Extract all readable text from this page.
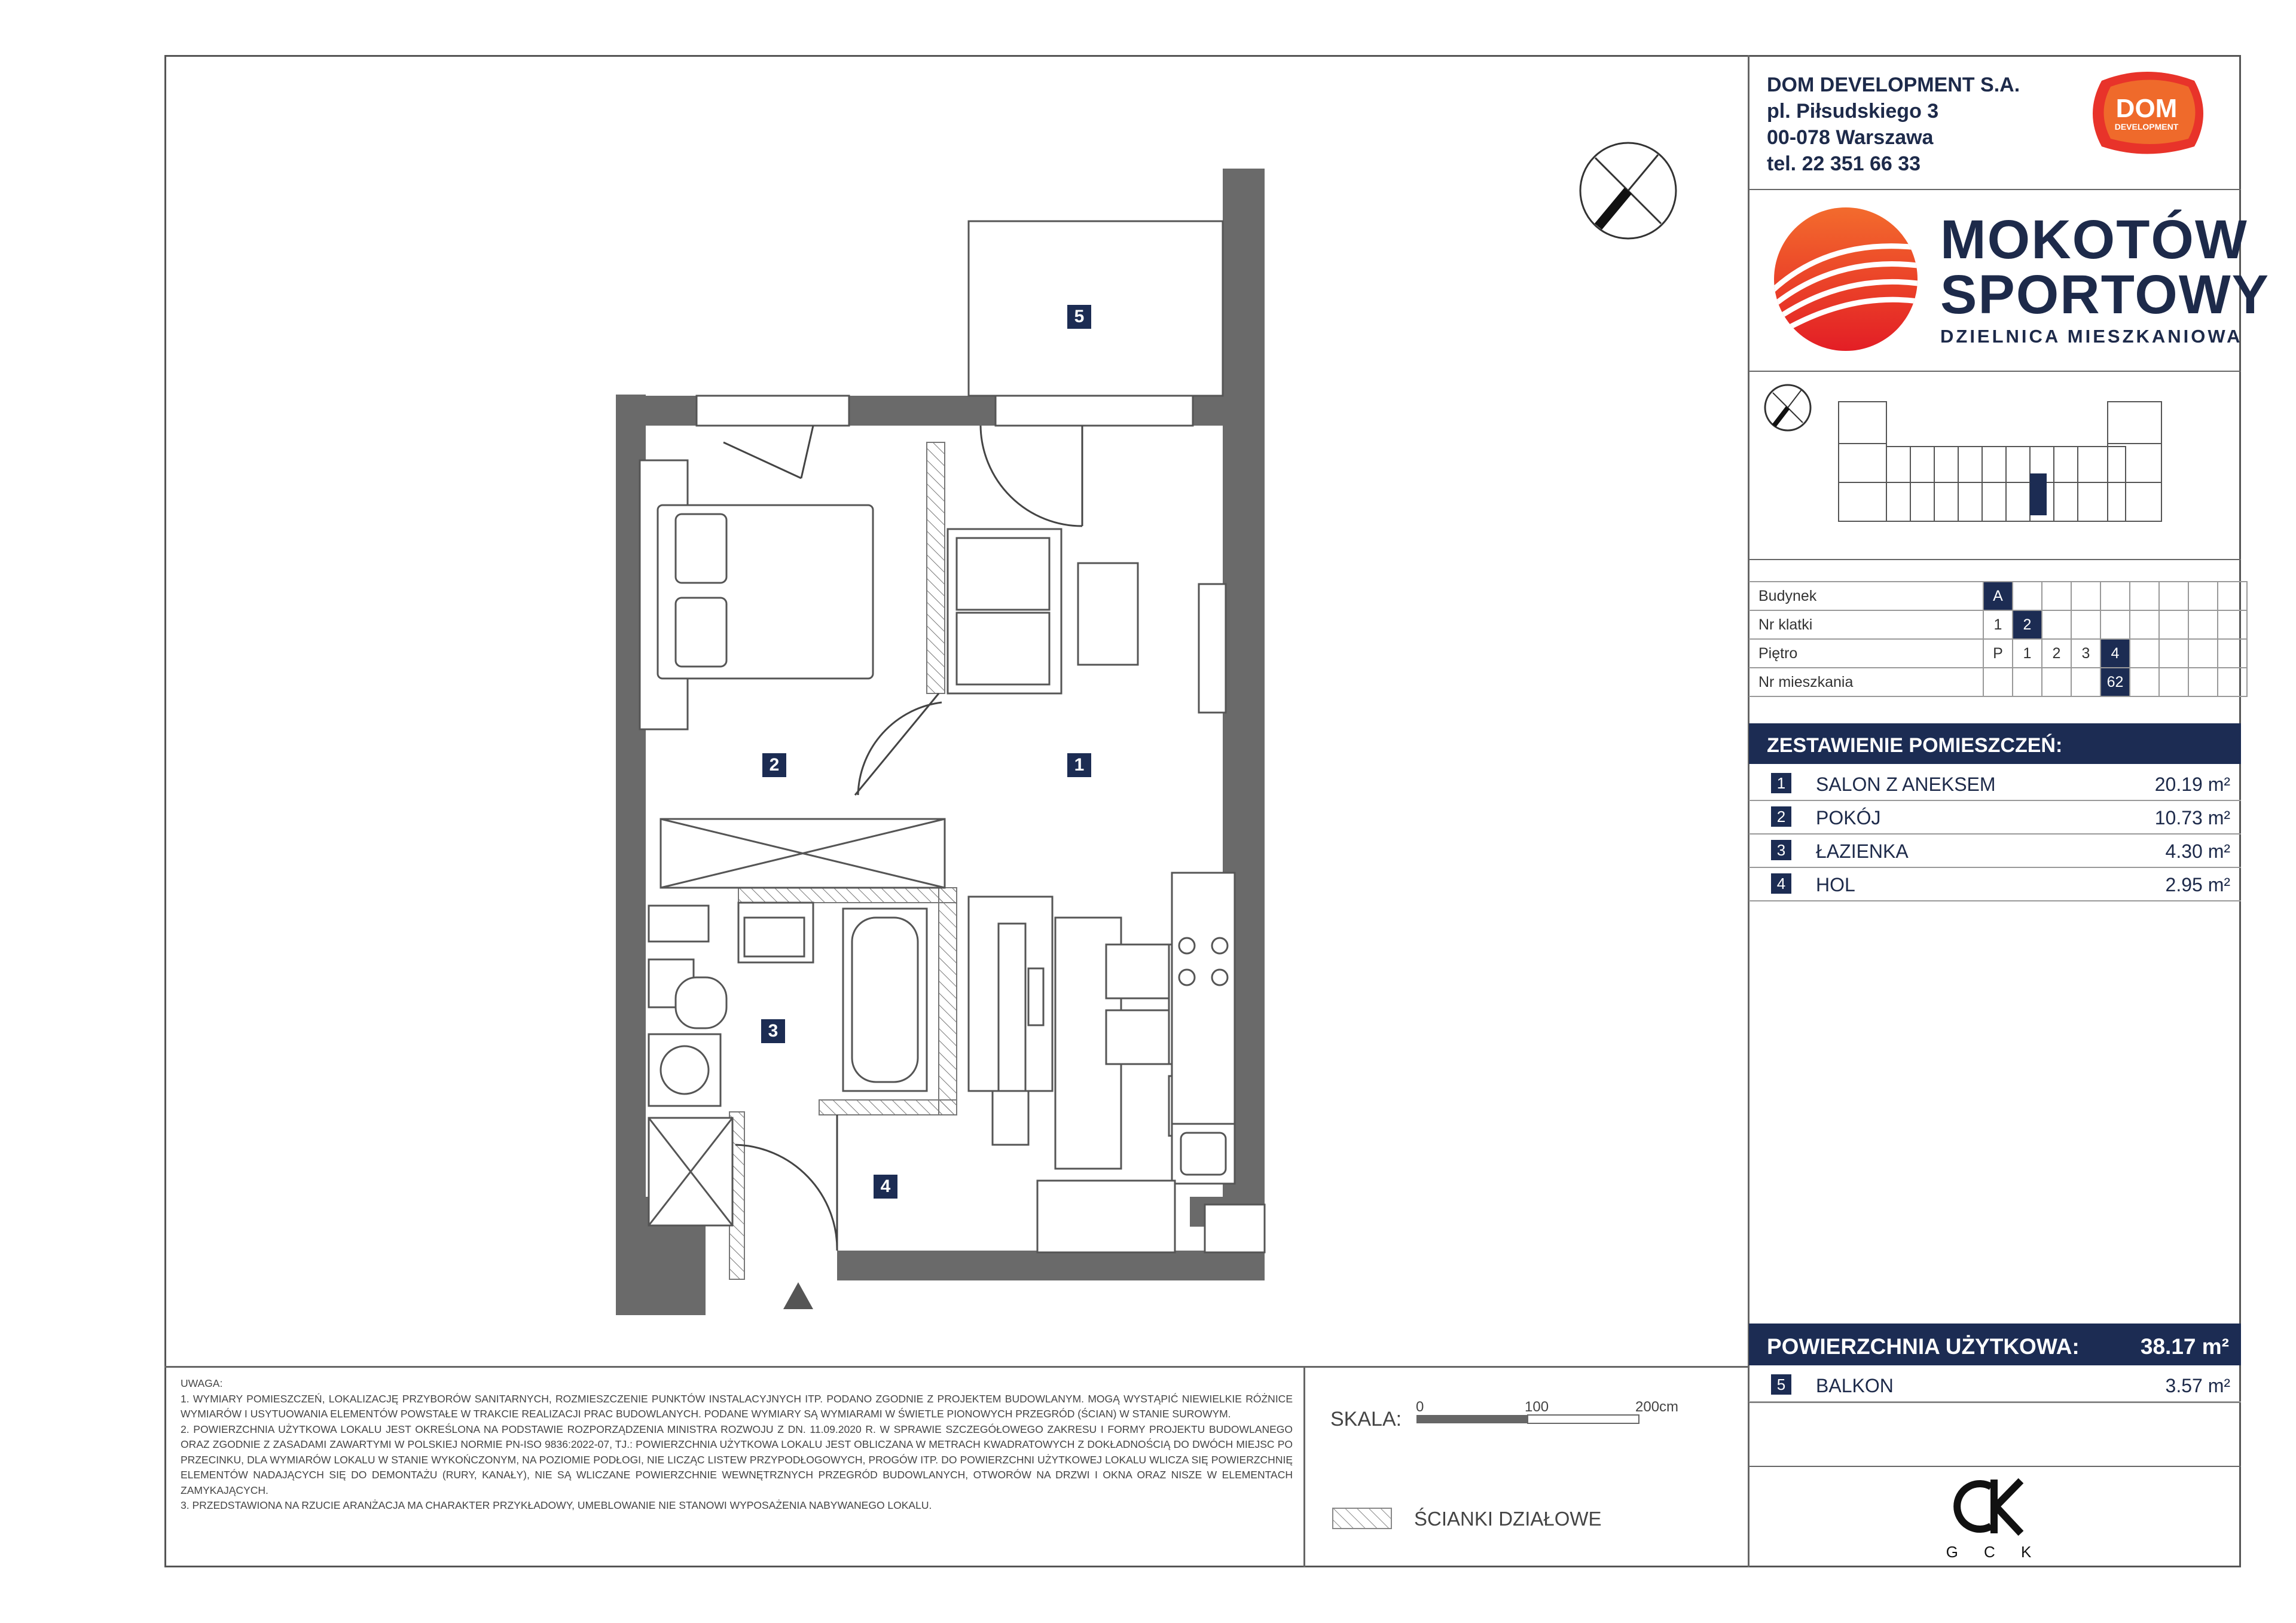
DOM DEVELOPMENT S.A.
pl. Piłsudskiego 3
00-078 Warszawa
tel. 22 351 66 33
DOM
DEVELOPMENT
MOKOTÓW
SPORTOWY
DZIELNICA MIESZKANIOWA
Budynek	A								
Nr klatki	1	2							
Piętro	P	1	2	3	4				
Nr mieszkania					62				
ZESTAWIENIE POMIESZCZEŃ:
1	SALON Z ANEKSEM	20.19 m²
2	POKÓJ	10.73 m²
3	ŁAZIENKA	4.30 m²
4	HOL	2.95 m²
POWIERZCHNIA UŻYTKOWA:	38.17 m²
5	BALKON	3.57 m²
G C K
UWAGA:
1. WYMIARY POMIESZCZEŃ, LOKALIZACJĘ PRZYBORÓW SANITARNYCH, ROZMIESZCZENIE PUNKTÓW INSTALACYJNYCH ITP. PODANO ZGODNIE Z PROJEKTEM BUDOWLANYM. MOGĄ WYSTĄPIĆ NIEWIELKIE RÓŻNICE WYMIARÓW I USYTUOWANIA ELEMENTÓW POWSTAŁE W TRAKCIE REALIZACJI PRAC BUDOWLANYCH. PODANE WYMIARY SĄ WYMIARAMI W ŚWIETLE PIONOWYCH PRZEGRÓD (ŚCIAN) W STANIE SUROWYM.
2. POWIERZCHNIA UŻYTKOWA LOKALU JEST OKREŚLONA NA PODSTAWIE ROZPORZĄDZENIA MINISTRA ROZWOJU Z DN. 11.09.2020 R. W SPRAWIE SZCZEGÓŁOWEGO ZAKRESU I FORMY PROJEKTU BUDOWLANEGO ORAZ ZGODNIE Z ZASADAMI ZAWARTYMI W POLSKIEJ NORMIE PN-ISO 9836:2022-07, TJ.: POWIERZCHNIA UŻYTKOWA LOKALU JEST OBLICZANA W METRACH KWADRATOWYCH Z DOKŁADNOŚCIĄ DO DWÓCH MIEJSC PO PRZECINKU, DLA WYMIARÓW LOKALU W STANIE WYKOŃCZONYM, NA POZIOMIE PODŁOGI, NIE LICZĄC LISTEW PRZYPODŁOGOWYCH, PROGÓW ITP. DO POWIERZCHNI UŻYTKOWEJ LOKALU WLICZA SIĘ POWIERZCHNIĘ ELEMENTÓW NADAJĄCYCH SIĘ DO DEMONTAŻU (RURY, KANAŁY), NIE SĄ WLICZANE POWIERZCHNIE WEWNĘTRZNYCH PRZEGRÓD BUDOWLANYCH, OTWORÓW NA DRZWI I OKNA ORAZ NISZE W ELEMENTACH ZAMYKAJĄCYCH.
3. PRZEDSTAWIONA NA RZUCIE ARANŻACJA MA CHARAKTER PRZYKŁADOWY, UMEBLOWANIE NIE STANOWI WYPOSAŻENIA NABYWANEGO LOKALU.
SKALA:
0	100	200cm
ŚCIANKI DZIAŁOWE
1
2
3
4
5
